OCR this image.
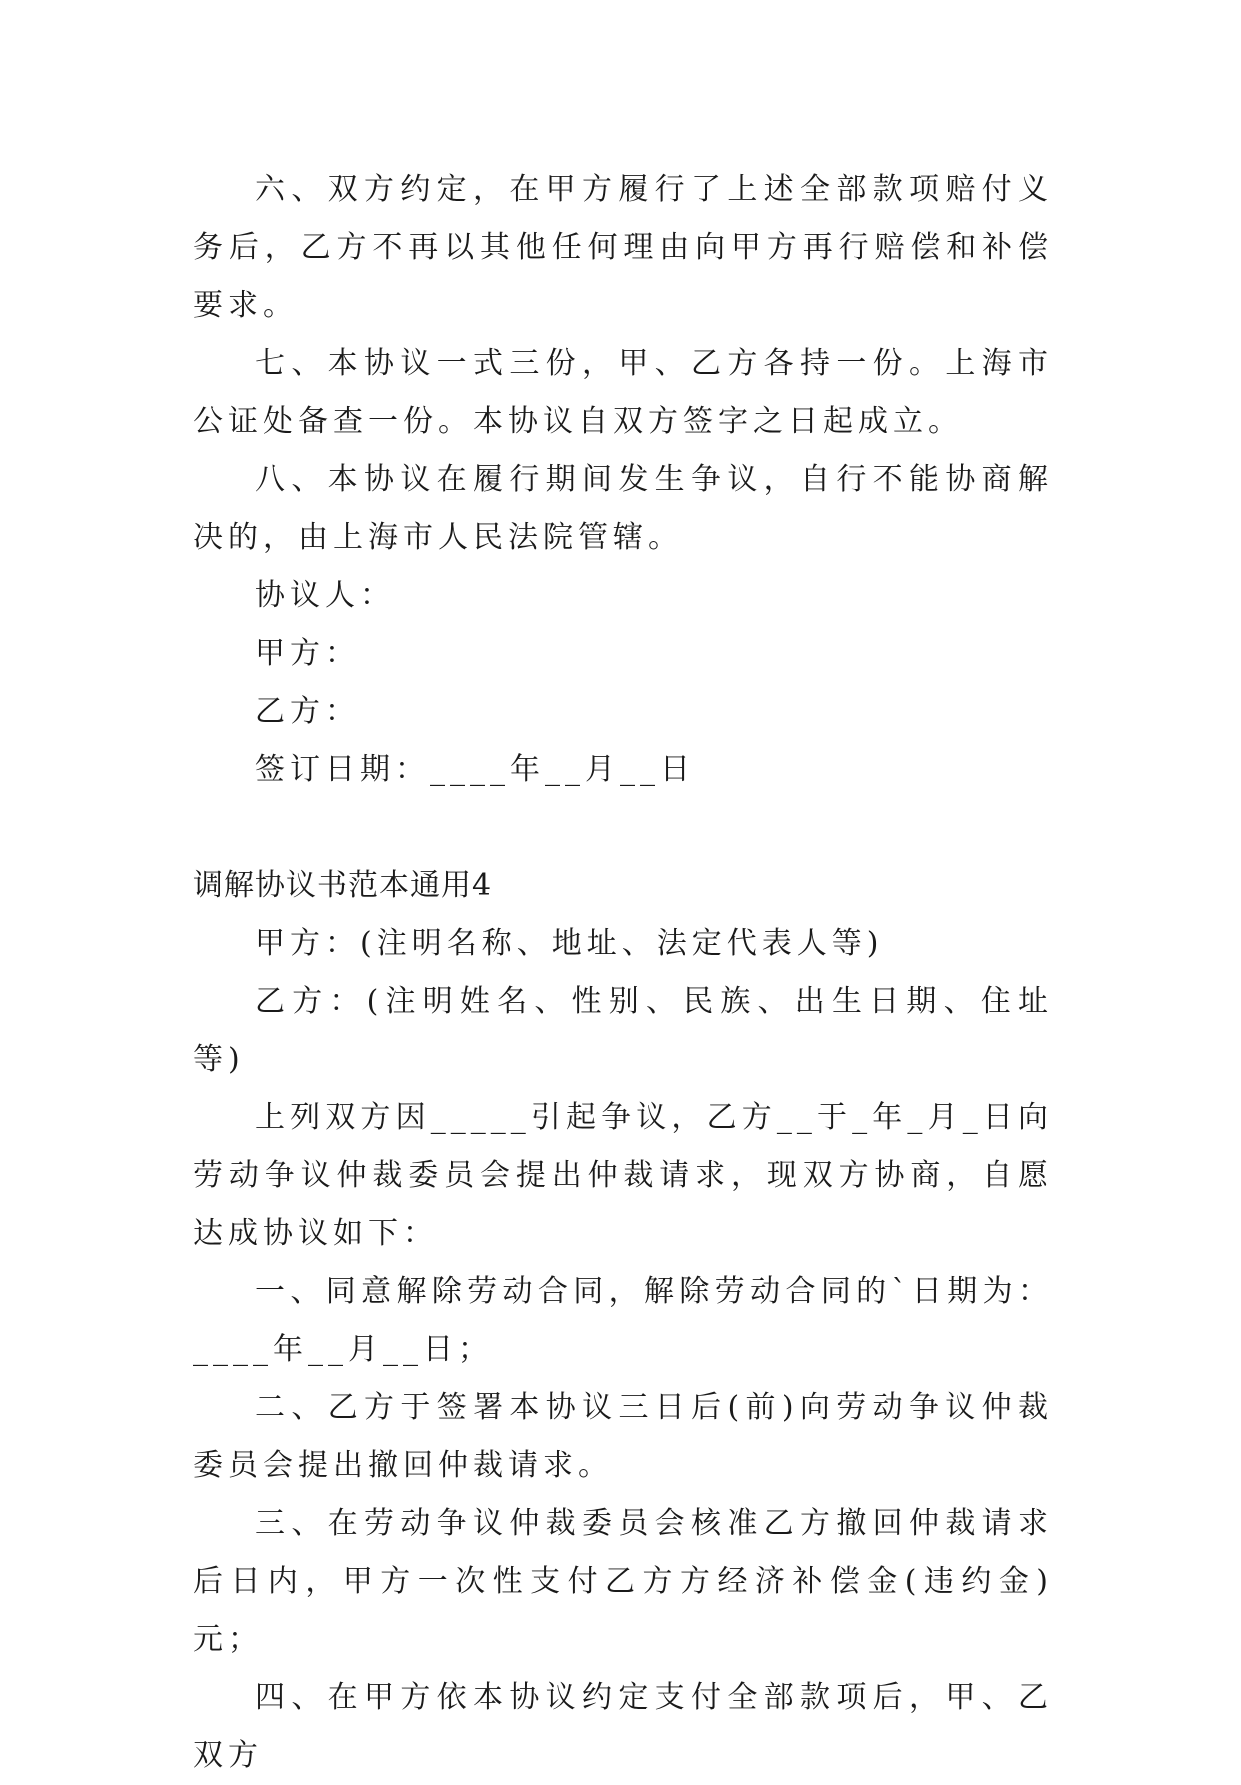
六、双方约定，在甲方履行了上述全部款项赔付义务后，乙方不再以其他任何理由向甲方再行赔偿和补偿要求。

七、本协议一式三份，甲、乙方各持一份。上海市公证处备查一份。本协议自双方签字之日起成立。

八、本协议在履行期间发生争议，自行不能协商解决的，由上海市人民法院管辖。

协议人：

甲方：

乙方：

签订日期：____年__月__日

调解协议书范本通用4

甲方：(注明名称、地址、法定代表人等)

乙方：(注明姓名、性别、民族、出生日期、住址等)

上列双方因_____引起争议，乙方__于_年_月_日向劳动争议仲裁委员会提出仲裁请求，现双方协商，自愿达成协议如下：

一、同意解除劳动合同，解除劳动合同的`日期为：____年__月__日；

二、乙方于签署本协议三日后(前)向劳动争议仲裁委员会提出撤回仲裁请求。

三、在劳动争议仲裁委员会核准乙方撤回仲裁请求后日内，甲方一次性支付乙方方经济补偿金(违约金)元；

四、在甲方依本协议约定支付全部款项后，甲、乙双方
